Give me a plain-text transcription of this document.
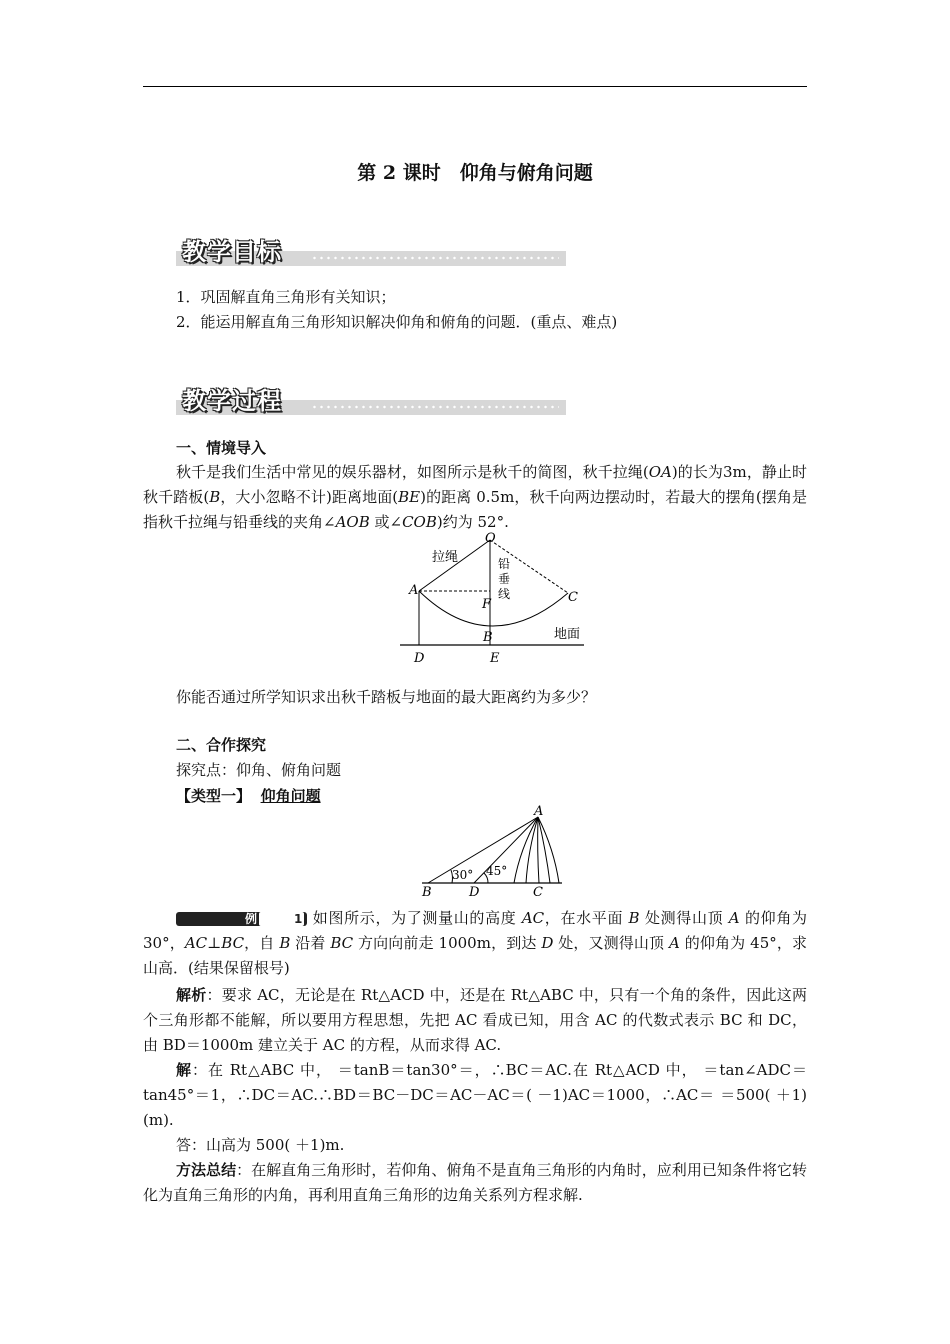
第 2 课时　仰角与俯角问题
教学目标
1．巩固解直角三角形有关知识；
2．能运用解直角三角形知识解决仰角和俯角的问题．(重点、难点)
教学过程
一、情境导入
秋千是我们生活中常见的娱乐器材，如图所示是秋千的简图，秋千拉绳(OA)的长为3m，静止时秋千踏板(B，大小忽略不计)距离地面(BE)的距离 0.5m，秋千向两边摆动时，若最大的摆角(摆角是指秋千拉绳与铅垂线的夹角∠AOB 或∠COB)约为 52°.
O
A
F
B
C
D	E
拉绳	铅
垂
线
地面
你能否通过所学知识求出秋千踏板与地面的最大距离约为多少？
二、合作探究
探究点：仰角、俯角问题
【类型一】 仰角问题
A
B	D	C
30° 45°
例	1 如图所示，为了测量山的高度 AC，在水平面 B 处测得山顶 A 的仰角为 30°，AC⊥BC，自 B 沿着 BC 方向向前走 1000m，到达 D 处，又测得山顶 A 的仰角为 45°，求山高．(结果保留根号)
解析：要求 AC，无论是在 Rt△ACD 中，还是在 Rt△ABC 中，只有一个角的条件，因此这两个三角形都不能解，所以要用方程思想，先把 AC 看成已知，用含 AC 的代数式表示 BC 和 DC，由 BD＝1000m 建立关于 AC 的方程，从而求得 AC.
解：在 Rt△ABC 中， ＝tanB＝tan30°＝，∴BC＝AC.在 Rt△ACD 中， ＝tan∠ADC＝tan45°＝1，∴DC＝AC.∴BD＝BC－DC＝AC－AC＝( －1)AC＝1000，∴AC＝ ＝500( ＋1)(m).
答：山高为 500( ＋1)m.
方法总结：在解直角三角形时，若仰角、俯角不是直角三角形的内角时，应利用已知条件将它转化为直角三角形的内角，再利用直角三角形的边角关系列方程求解.
